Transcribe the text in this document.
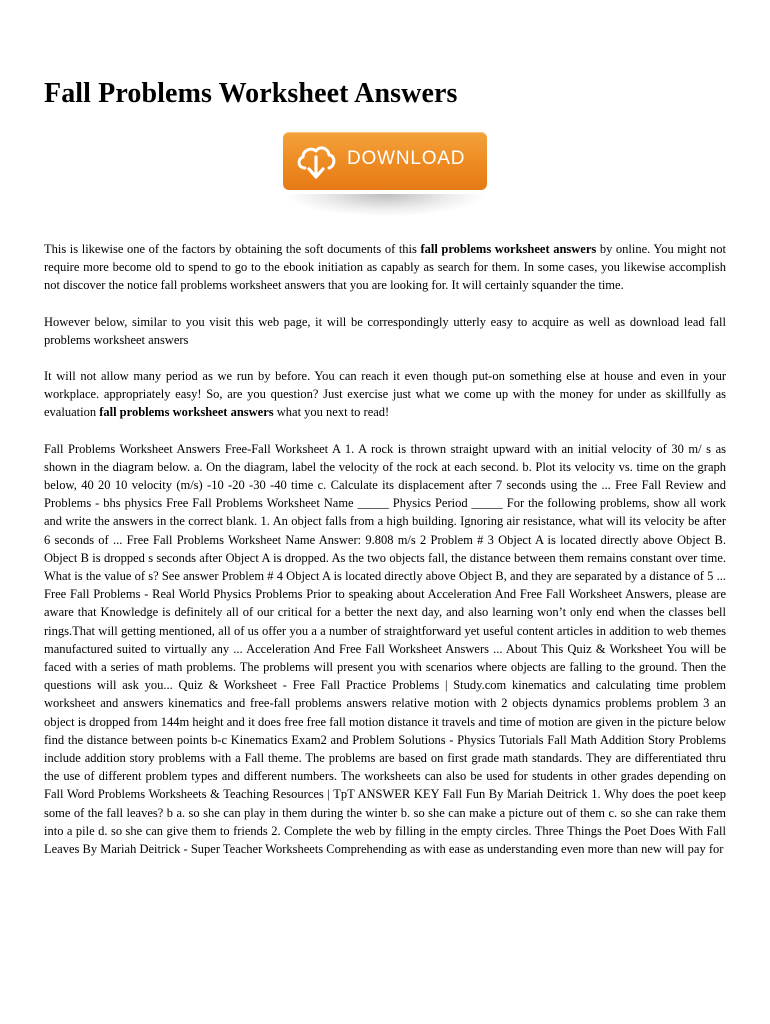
Fall Problems Worksheet Answers
DOWNLOAD

This is likewise one of the factors by obtaining the soft documents of this fall problems worksheet answers by online. You might not require more become old to spend to go to the ebook initiation as capably as search for them. In some cases, you likewise accomplish not discover the notice fall problems worksheet answers that you are looking for. It will certainly squander the time.

However below, similar to you visit this web page, it will be correspondingly utterly easy to acquire as well as download lead fall problems worksheet answers

It will not allow many period as we run by before. You can reach it even though put-on something else at house and even in your workplace. appropriately easy! So, are you question? Just exercise just what we come up with the money for under as skillfully as evaluation fall problems worksheet answers what you next to read!

Fall Problems Worksheet Answers Free-Fall Worksheet A 1. A rock is thrown straight upward with an initial velocity of 30 m/ s as shown in the diagram below. a. On the diagram, label the velocity of the rock at each second. b. Plot its velocity vs. time on the graph below, 40 20 10 velocity (m/s) -10 -20 -30 -40 time c. Calculate its displacement after 7 seconds using the ... Free Fall Review and Problems - bhs physics Free Fall Problems Worksheet Name _____ Physics Period _____ For the following problems, show all work and write the answers in the correct blank. 1. An object falls from a high building. Ignoring air resistance, what will its velocity be after 6 seconds of ... Free Fall Problems Worksheet Name Answer: 9.808 m/s 2 Problem # 3 Object A is located directly above Object B. Object B is dropped s seconds after Object A is dropped. As the two objects fall, the distance between them remains constant over time. What is the value of s? See answer Problem # 4 Object A is located directly above Object B, and they are separated by a distance of 5 ... Free Fall Problems - Real World Physics Problems Prior to speaking about Acceleration And Free Fall Worksheet Answers, please are aware that Knowledge is definitely all of our critical for a better the next day, and also learning won’t only end when the classes bell rings.That will getting mentioned, all of us offer you a a number of straightforward yet useful content articles in addition to web themes manufactured suited to virtually any ... Acceleration And Free Fall Worksheet Answers ... About This Quiz & Worksheet You will be faced with a series of math problems. The problems will present you with scenarios where objects are falling to the ground. Then the questions will ask you... Quiz & Worksheet - Free Fall Practice Problems | Study.com kinematics and calculating time problem worksheet and answers kinematics and free-fall problems answers relative motion with 2 objects dynamics problems problem 3 an object is dropped from 144m height and it does free free fall motion distance it travels and time of motion are given in the picture below find the distance between points b-c Kinematics Exam2 and Problem Solutions - Physics Tutorials Fall Math Addition Story Problems include addition story problems with a Fall theme. The problems are based on first grade math standards. They are differentiated thru the use of different problem types and different numbers. The worksheets can also be used for students in other grades depending on Fall Word Problems Worksheets & Teaching Resources | TpT ANSWER KEY Fall Fun By Mariah Deitrick 1. Why does the poet keep some of the fall leaves? b a. so she can play in them during the winter b. so she can make a picture out of them c. so she can rake them into a pile d. so she can give them to friends 2. Complete the web by filling in the empty circles. Three Things the Poet Does With Fall Leaves By Mariah Deitrick - Super Teacher Worksheets Comprehending as with ease as understanding even more than new will pay for
